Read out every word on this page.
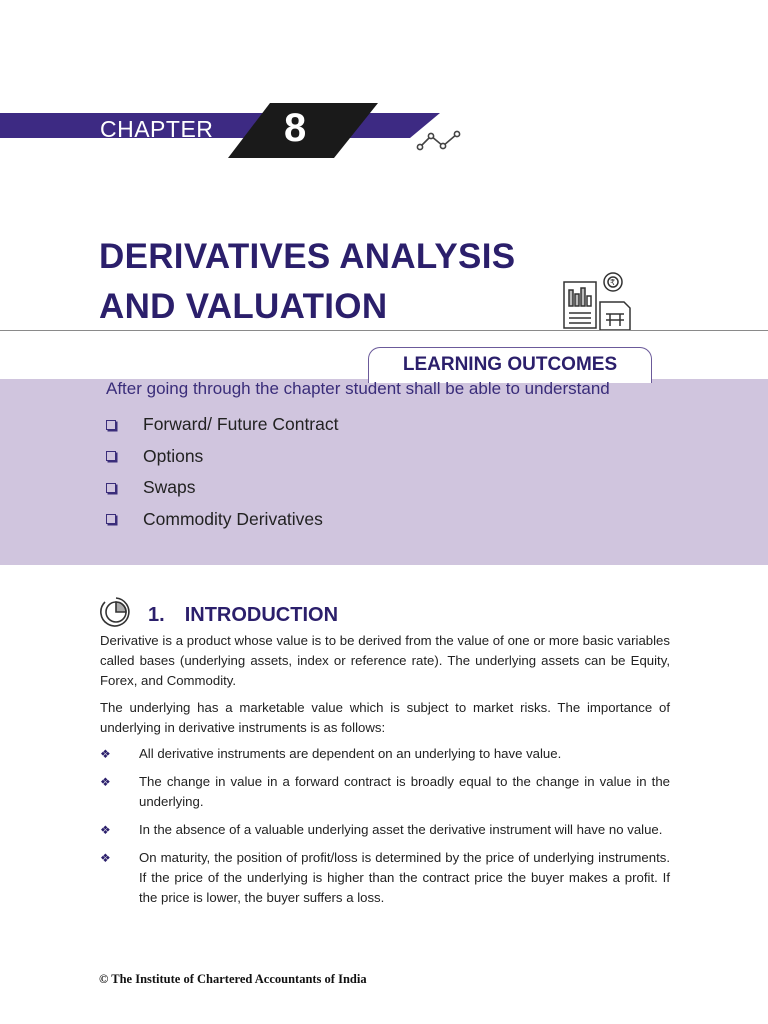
CHAPTER 8
DERIVATIVES ANALYSIS
AND VALUATION
₹
LEARNING OUTCOMES
After going through the chapter student shall be able to understand
Forward/ Future Contract
Options
Swaps
Commodity Derivatives
1. INTRODUCTION

Derivative is a product whose value is to be derived from the value of one or more basic variables called bases (underlying assets, index or reference rate). The underlying assets can be Equity, Forex, and Commodity.

The underlying has a marketable value which is subject to market risks. The importance of underlying in derivative instruments is as follows:

❖ All derivative instruments are dependent on an underlying to have value.
❖ The change in value in a forward contract is broadly equal to the change in value in the underlying.
❖ In the absence of a valuable underlying asset the derivative instrument will have no value.
❖ On maturity, the position of profit/loss is determined by the price of underlying instruments. If the price of the underlying is higher than the contract price the buyer makes a profit. If the price is lower, the buyer suffers a loss.
© The Institute of Chartered Accountants of India
